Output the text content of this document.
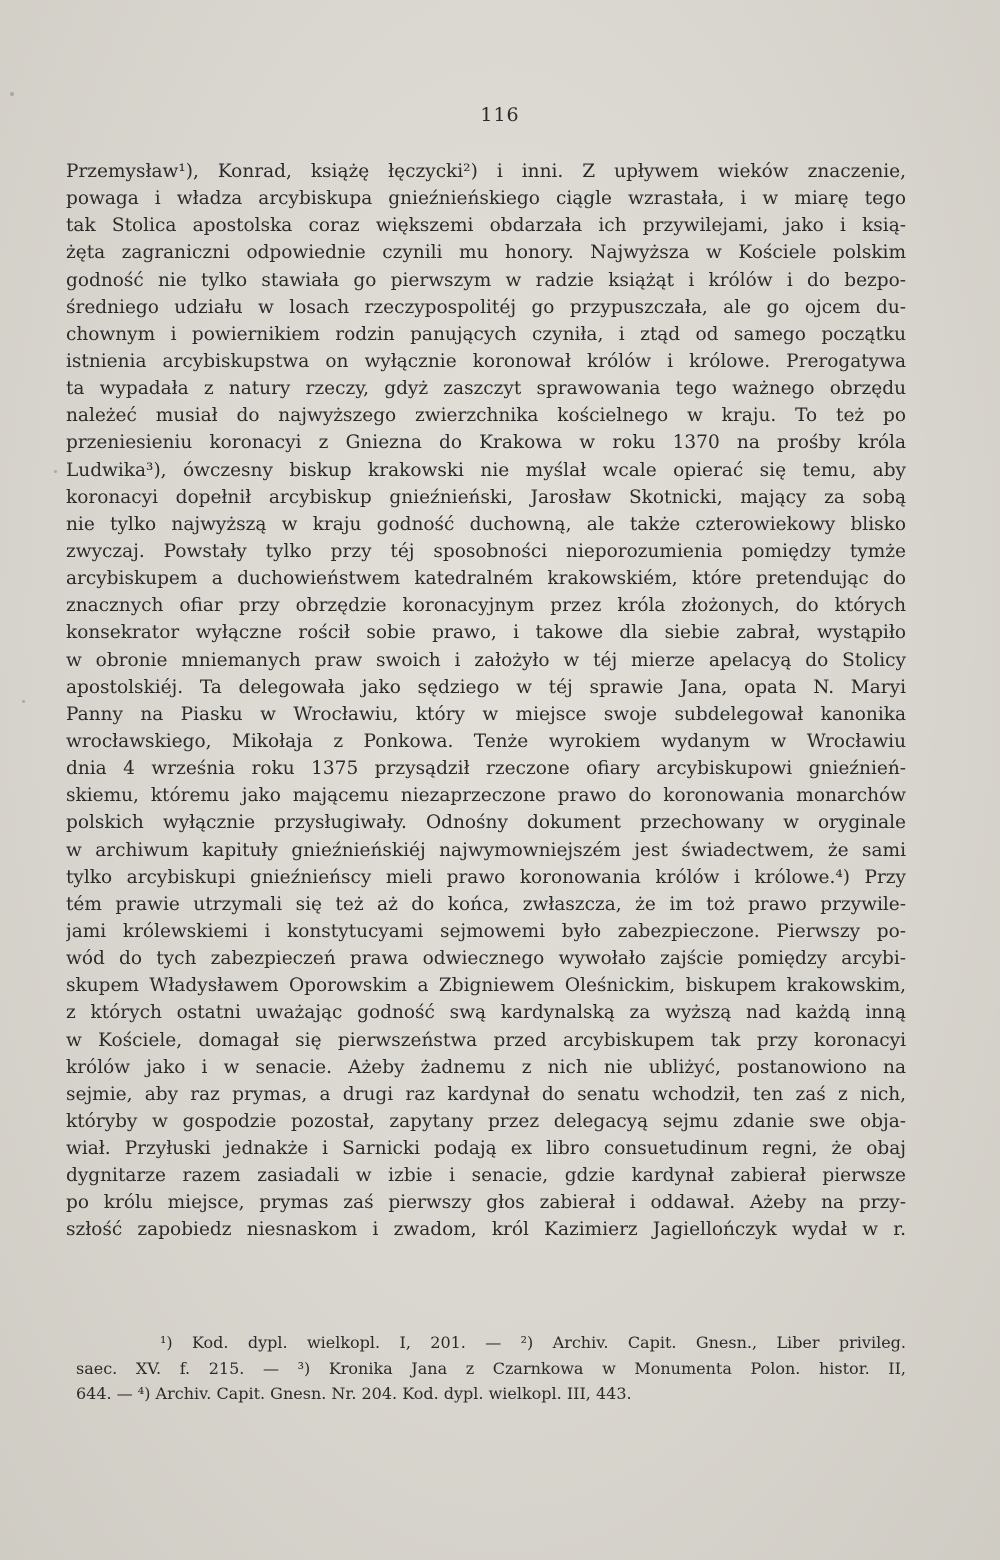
116
Przemysław¹), Konrad, książę łęczycki²) i inni. Z upływem wieków znaczenie,
powaga i władza arcybiskupa gnieźnieńskiego ciągle wzrastała, i w miarę tego
tak Stolica apostolska coraz większemi obdarzała ich przywilejami, jako i ksią-
żęta zagraniczni odpowiednie czynili mu honory. Najwyższa w Kościele polskim
godność nie tylko stawiała go pierwszym w radzie książąt i królów i do bezpo-
średniego udziału w losach rzeczypospolitéj go przypuszczała, ale go ojcem du-
chownym i powiernikiem rodzin panujących czyniła, i ztąd od samego początku
istnienia arcybiskupstwa on wyłącznie koronował królów i królowe. Prerogatywa
ta wypadała z natury rzeczy, gdyż zaszczyt sprawowania tego ważnego obrzędu
należeć musiał do najwyższego zwierzchnika kościelnego w kraju. To też po
przeniesieniu koronacyi z Gniezna do Krakowa w roku 1370 na prośby króla
Ludwika³), ówczesny biskup krakowski nie myślał wcale opierać się temu, aby
koronacyi dopełnił arcybiskup gnieźnieński, Jarosław Skotnicki, mający za sobą
nie tylko najwyższą w kraju godność duchowną, ale także czterowiekowy blisko
zwyczaj. Powstały tylko przy téj sposobności nieporozumienia pomiędzy tymże
arcybiskupem a duchowieństwem katedralném krakowskiém, które pretendując do
znacznych ofiar przy obrzędzie koronacyjnym przez króla złożonych, do których
konsekrator wyłączne rościł sobie prawo, i takowe dla siebie zabrał, wystąpiło
w obronie mniemanych praw swoich i założyło w téj mierze apelacyą do Stolicy
apostolskiéj. Ta delegowała jako sędziego w téj sprawie Jana, opata N. Maryi
Panny na Piasku w Wrocławiu, który w miejsce swoje subdelegował kanonika
wrocławskiego, Mikołaja z Ponkowa. Tenże wyrokiem wydanym w Wrocławiu
dnia 4 września roku 1375 przysądził rzeczone ofiary arcybiskupowi gnieźnień-
skiemu, któremu jako mającemu niezaprzeczone prawo do koronowania monarchów
polskich wyłącznie przysługiwały. Odnośny dokument przechowany w oryginale
w archiwum kapituły gnieźnieńskiéj najwymowniejszém jest świadectwem, że sami
tylko arcybiskupi gnieźnieńscy mieli prawo koronowania królów i królowe.⁴) Przy
tém prawie utrzymali się też aż do końca, zwłaszcza, że im toż prawo przywile-
jami królewskiemi i konstytucyami sejmowemi było zabezpieczone. Pierwszy po-
wód do tych zabezpieczeń prawa odwiecznego wywołało zajście pomiędzy arcybi-
skupem Władysławem Oporowskim a Zbigniewem Oleśnickim, biskupem krakowskim,
z których ostatni uważając godność swą kardynalską za wyższą nad każdą inną
w Kościele, domagał się pierwszeństwa przed arcybiskupem tak przy koronacyi
królów jako i w senacie. Ażeby żadnemu z nich nie ubliżyć, postanowiono na
sejmie, aby raz prymas, a drugi raz kardynał do senatu wchodził, ten zaś z nich,
któryby w gospodzie pozostał, zapytany przez delegacyą sejmu zdanie swe obja-
wiał. Przyłuski jednakże i Sarnicki podają ex libro consuetudinum regni, że obaj
dygnitarze razem zasiadali w izbie i senacie, gdzie kardynał zabierał pierwsze
po królu miejsce, prymas zaś pierwszy głos zabierał i oddawał. Ażeby na przy-
szłość zapobiedz niesnaskom i zwadom, król Kazimierz Jagiellończyk wydał w r.
¹) Kod. dypl. wielkopl. I, 201. — ²) Archiv. Capit. Gnesn., Liber privileg.
saec. XV. f. 215. — ³) Kronika Jana z Czarnkowa w Monumenta Polon. histor. II,
644. — ⁴) Archiv. Capit. Gnesn. Nr. 204. Kod. dypl. wielkopl. III, 443.
